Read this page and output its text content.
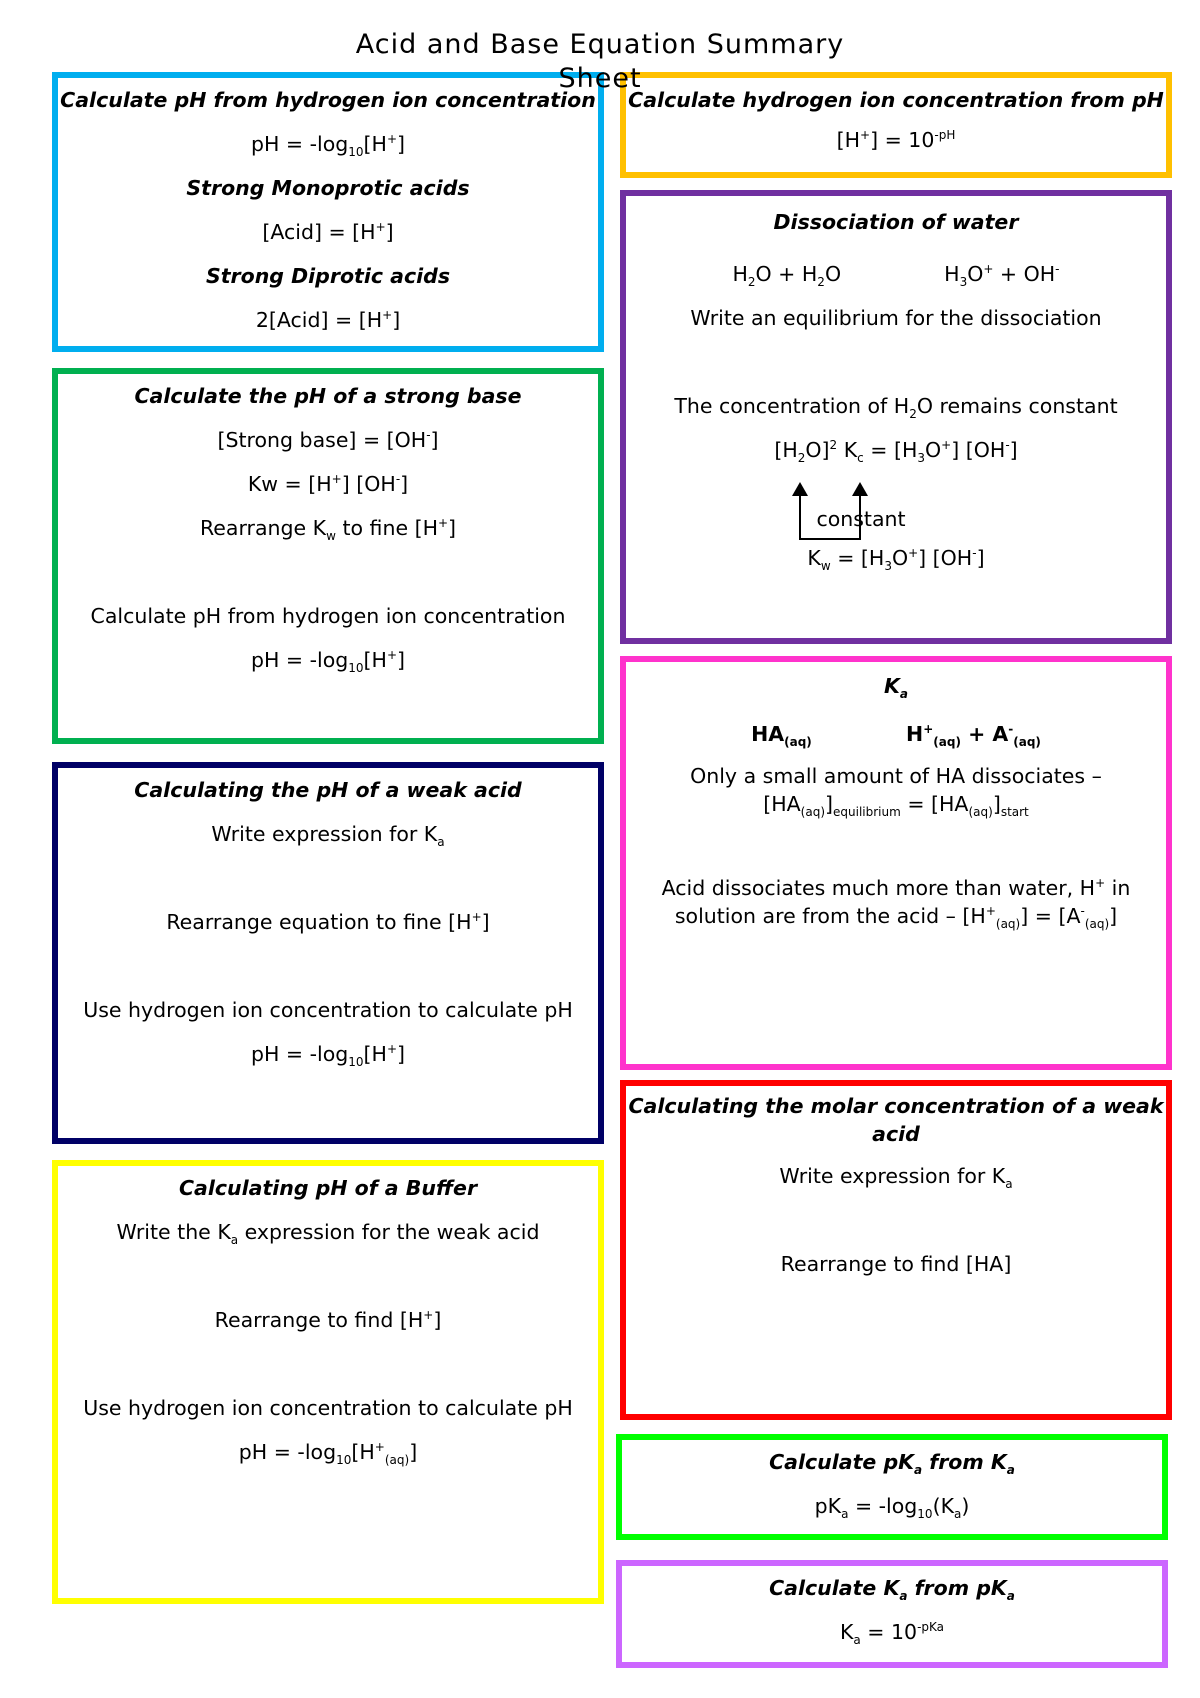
Acid and Base Equation Summary Sheet
Calculate pH from hydrogen ion concentration
pH = $-\log_{10}[H^+]$
Strong Monoprotic acids
[Acid] = [H+]
Strong Diprotic acids
2[Acid] = [H+]
Calculate hydrogen ion concentration from pH
$[H^+] = 10^{-pH}$
Dissociation of water
$H_2O + H_2O$	$H_3O^+ + OH^-$
Write an equilibrium for the dissociation
The concentration of $H_2O$ remains constant
$[H_2O]^2$ $K_c = [H_3O^+]$ [OH-]
constant
$K_w = [H_3O^+]$ [OH-]
Calculate the pH of a strong base
[Strong base] = [OH-]
Kw = [H+] [OH-]
Rearrange $K_w$ to fine [H+]
Calculate pH from hydrogen ion concentration
pH = $-\log_{10}[H^+]$
$K_a$
$HA_{(aq)}$	$H^+_{(aq)} + A^-_{(aq)}$
Only a small amount of HA dissociates –
$[HA_{(aq)}]_{equilibrium} = [HA_{(aq)}]_{start}$
Acid dissociates much more than water, H+ in
solution are from the acid – $[H^+_{(aq)}] = [A^-_{(aq)}]$
Calculating the pH of a weak acid
Write expression for $K_a$
Rearrange equation to fine [H+]
Use hydrogen ion concentration to calculate pH
pH = $-\log_{10}[H^+]$
Calculating the molar concentration of a weak
acid
Write expression for $K_a$
Rearrange to find [HA]
Calculating pH of a Buffer
Write the $K_a$ expression for the weak acid
Rearrange to find [H+]
Use hydrogen ion concentration to calculate pH
pH = $-\log_{10}[H^+_{(aq)}]$	Calculate $pK_a$ from $K_a$
$pK_a = -\log_{10}(K_a)$
Calculate $K_a$ from $pK_a$
$K_a = 10^{-pKa}$
